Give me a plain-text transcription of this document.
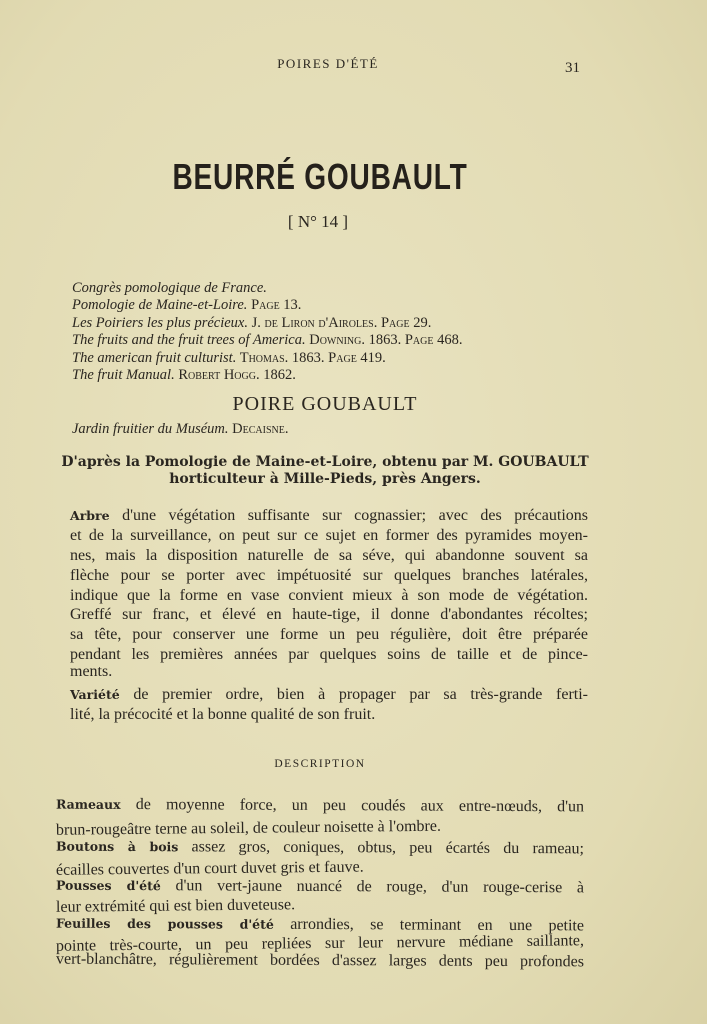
POIRES D'ÉTÉ	31
BEURRÉ GOUBAULT
[ N° 14 ]
Congrès pomologique de France.
Pomologie de Maine-et-Loire. Page 13.
Les Poiriers les plus précieux. J. de Liron d'Airoles. Page 29.
The fruits and the fruit trees of America. Downing. 1863. Page 468.
The american fruit culturist. Thomas. 1863. Page 419.
The fruit Manual. Robert Hogg. 1862.
POIRE GOUBAULT
Jardin fruitier du Muséum. Decaisne.
D'après la Pomologie de Maine-et-Loire, obtenu par M. GOUBAULT
horticulteur à Mille-Pieds, près Angers.
Arbre d'une végétation suffisante sur cognassier; avec des précautions
et de la surveillance, on peut sur ce sujet en former des pyramides moyen-
nes, mais la disposition naturelle de sa séve, qui abandonne souvent sa
flèche pour se porter avec impétuosité sur quelques branches latérales,
indique que la forme en vase convient mieux à son mode de végétation.
Greffé sur franc, et élevé en haute-tige, il donne d'abondantes récoltes;
sa tête, pour conserver une forme un peu régulière, doit être préparée
pendant les premières années par quelques soins de taille et de pince-
ments.
Variété de premier ordre, bien à propager par sa très-grande ferti-
lité, la précocité et la bonne qualité de son fruit.
DESCRIPTION
Rameaux de moyenne force, un peu coudés aux entre-nœuds, d'un
brun-rougeâtre terne au soleil, de couleur noisette à l'ombre.
Boutons à bois assez gros, coniques, obtus, peu écartés du rameau;
écailles couvertes d'un court duvet gris et fauve.
Pousses d'été d'un vert-jaune nuancé de rouge, d'un rouge-cerise à
leur extrémité qui est bien duveteuse.
Feuilles des pousses d'été arrondies, se terminant en une petite
pointe très-courte, un peu repliées sur leur nervure médiane saillante,
vert-blanchâtre, régulièrement bordées d'assez larges dents peu profondes
